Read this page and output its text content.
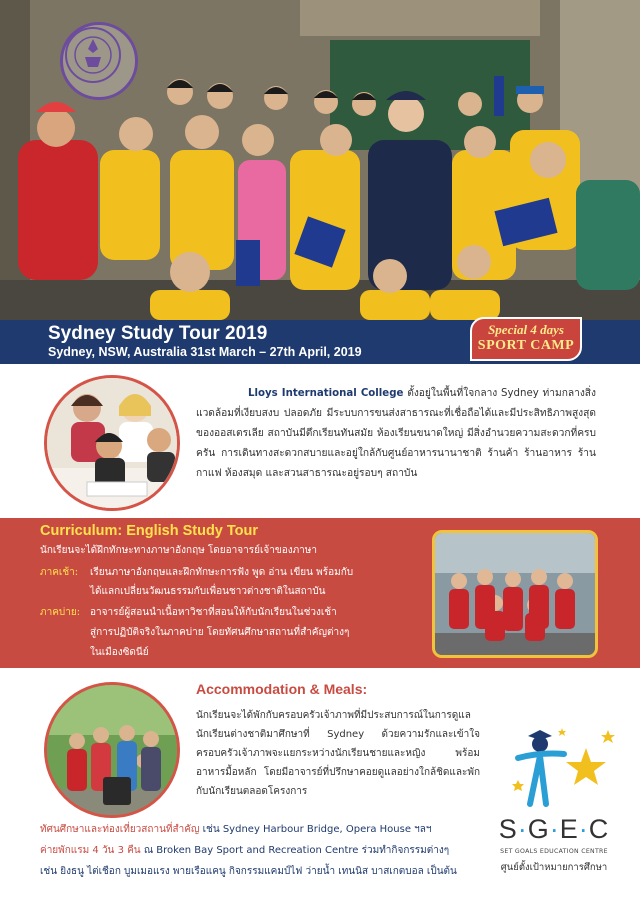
Sydney Study Tour 2019
Sydney, NSW, Australia 31st March – 27th April, 2019
Special 4 days
SPORT CAMP
Lloys International College ตั้งอยู่ในพื้นที่ใจกลาง Sydney ท่ามกลางสิ่งแวดล้อมที่เงียบสงบ ปลอดภัย มีระบบการขนส่งสาธารณะที่เชื่อถือได้และมีประสิทธิภาพสูงสุดของออสเตรเลีย สถาบันมีตึกเรียนทันสมัย ห้องเรียนขนาดใหญ่ มีสิ่งอำนวยความสะดวกที่ครบครัน การเดินทางสะดวกสบายและอยู่ใกล้กับศูนย์อาหารนานาชาติ ร้านค้า ร้านอาหาร ร้านกาแฟ ห้องสมุด และสวนสาธารณะอยู่รอบๆ สถาบัน
Curriculum: English Study Tour
นักเรียนจะได้ฝึกทักษะทางภาษาอังกฤษ โดยอาจารย์เจ้าของภาษา
ภาคเช้า: เรียนภาษาอังกฤษและฝึกทักษะการฟัง พูด อ่าน เขียน พร้อมกับ
ได้แลกเปลี่ยนวัฒนธรรมกับเพื่อนชาวต่างชาติในสถาบัน
ภาคบ่าย: อาจารย์ผู้สอนนำเนื้อหาวิชาที่สอนให้กับนักเรียนในช่วงเช้า
สู่การปฏิบัติจริงในภาคบ่าย โดยทัศนศึกษาสถานที่สำคัญต่างๆ
ในเมืองซิดนีย์
Accommodation & Meals:
นักเรียนจะได้พักกับครอบครัวเจ้าภาพที่มีประสบการณ์ในการดูแลนักเรียนต่างชาติมาศึกษาที่ Sydney ด้วยความรักและเข้าใจ ครอบครัวเจ้าภาพจะแยกระหว่างนักเรียนชายและหญิง พร้อมอาหารมื้อหลัก โดยมีอาจารย์ที่ปรึกษาคอยดูแลอย่างใกล้ชิดและพักกับนักเรียนตลอดโครงการ
ทัศนศึกษาและท่องเที่ยวสถานที่สำคัญ เช่น Sydney Harbour Bridge, Opera House ฯลฯ
ค่ายพักแรม 4 วัน 3 คืน ณ Broken Bay Sport and Recreation Centre ร่วมทำกิจกรรมต่างๆ
เช่น ยิงธนู ไต่เชือก บูมเมอแรง พายเรือแคนู กิจกรรมแคมป์ไฟ ว่ายน้ำ เทนนิส บาสเกตบอล เป็นต้น
S·G·E·C
SET GOALS EDUCATION CENTRE
ศูนย์ตั้งเป้าหมายการศึกษา
